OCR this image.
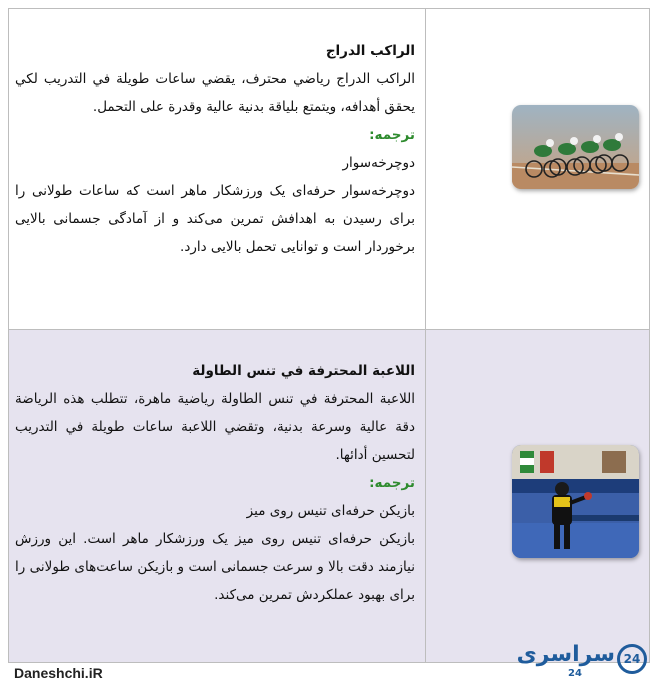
الراكب الدراج
الراكب الدراج رياضي محترف، يقضي ساعات طويلة في التدريب لكي يحقق أهدافه، ويتمتع بلياقة بدنية عالية وقدرة على التحمل.
ترجمه:
دوچرخه‌سوار
دوچرخه‌سوار حرفه‌ای یک ورزشکار ماهر است که ساعات طولانی را برای رسیدن به اهدافش تمرین می‌کند و از آمادگی جسمانی بالایی برخوردار است و توانایی تحمل بالایی دارد.
اللاعبة المحترفة في تنس الطاولة
اللاعبة المحترفة في تنس الطاولة رياضية ماهرة، تتطلب هذه الرياضة دقة عالية وسرعة بدنية، وتقضي اللاعبة ساعات طويلة في التدريب لتحسين أدائها.
ترجمه:
بازیکن حرفه‌ای تنیس روی میز
بازیکن حرفه‌ای تنیس روی میز یک ورزشکار ماهر است. این ورزش نیازمند دقت بالا و سرعت جسمانی است و بازیکن ساعت‌های طولانی را برای بهبود عملکردش تمرین می‌کند.
Daneshchi.iR
سراسری
24
24
